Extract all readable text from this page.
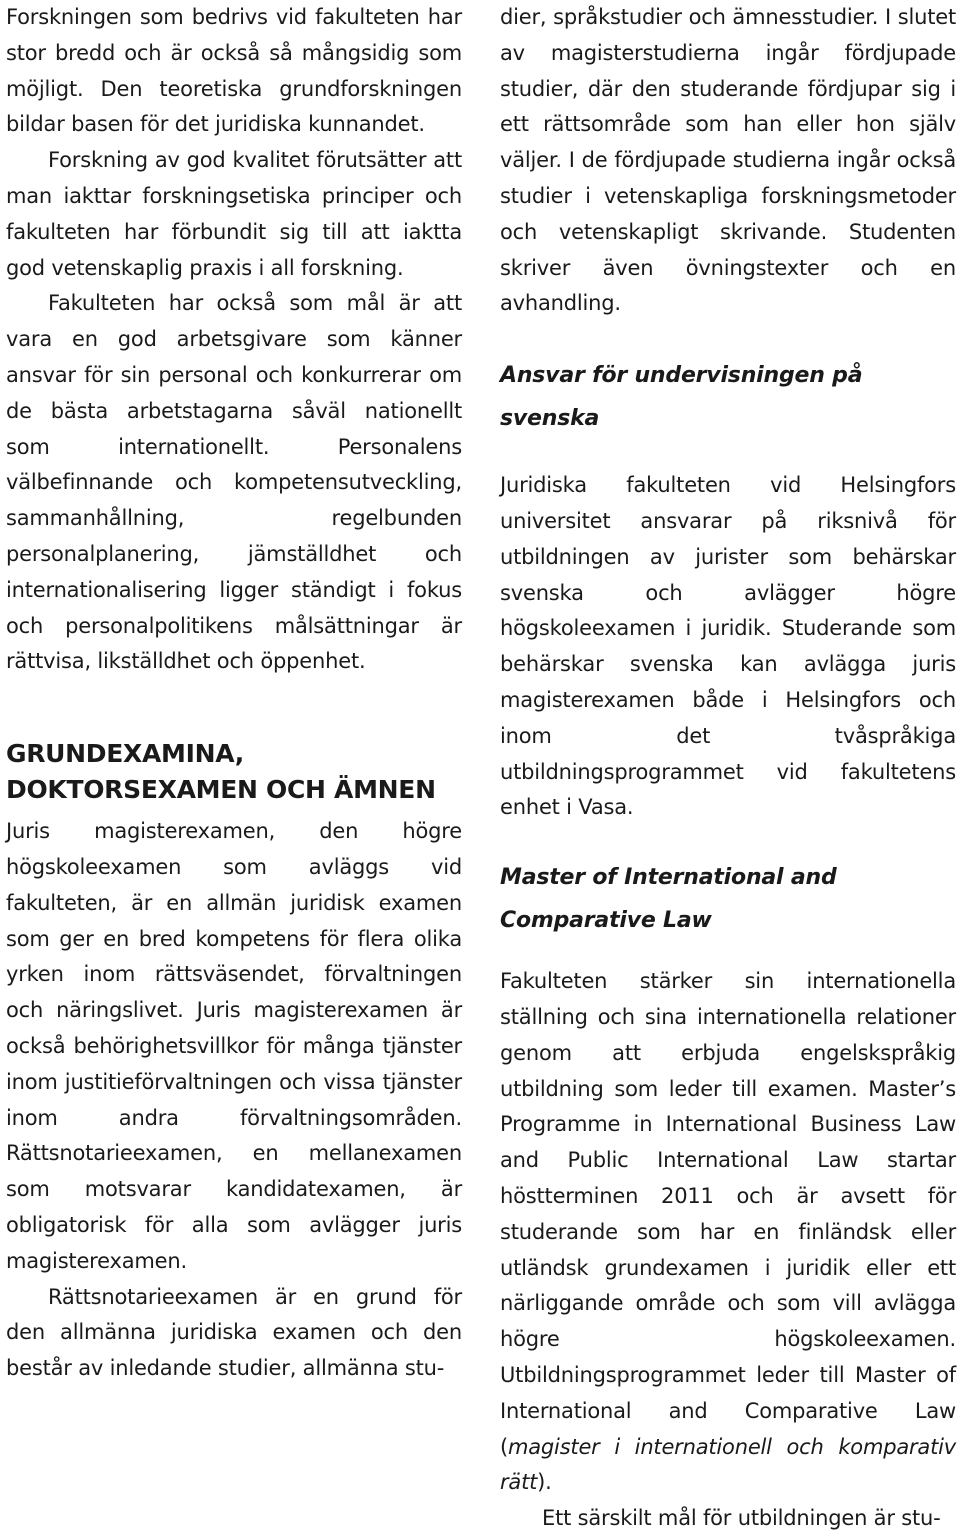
Forskningen som bedrivs vid fakulteten har stor bredd och är också så mångsidig som möjligt. Den teoretiska grundforskningen bildar basen för det juridiska kunnandet.

Forskning av god kvalitet förutsätter att man iakttar forskningsetiska principer och fakulteten har förbundit sig till att iaktta god vetenskaplig praxis i all forskning.

Fakulteten har också som mål är att vara en god arbetsgivare som känner ansvar för sin personal och konkurrerar om de bästa arbetstagarna såväl nationellt som internationellt. Personalens välbefinnande och kompetensutveckling, sammanhållning, regelbunden personalplanering, jämställdhet och internationalisering ligger ständigt i fokus och personalpolitikens målsättningar är rättvisa, likställdhet och öppenhet.

GRUNDEXAMINA, DOKTORSEXAMEN OCH ÄMNEN

Juris magisterexamen, den högre högskoleexamen som avläggs vid fakulteten, är en allmän juridisk examen som ger en bred kompetens för flera olika yrken inom rättsväsendet, förvaltningen och näringslivet. Juris magisterexamen är också behörighetsvillkor för många tjänster inom justitieförvaltningen och vissa tjänster inom andra förvaltningsområden. Rättsnotarieexamen, en mellanexamen som motsvarar kandidatexamen, är obligatorisk för alla som avlägger juris magisterexamen.

Rättsnotarieexamen är en grund för den allmänna juridiska examen och den består av inledande studier, allmänna stu-

dier, språkstudier och ämnesstudier. I slutet av magisterstudierna ingår fördjupade studier, där den studerande fördjupar sig i ett rättsområde som han eller hon själv väljer. I de fördjupade studierna ingår också studier i vetenskapliga forskningsmetoder och vetenskapligt skrivande. Studenten skriver även övningstexter och en avhandling.

Ansvar för undervisningen på svenska

Juridiska fakulteten vid Helsingfors universitet ansvarar på riksnivå för utbildningen av jurister som behärskar svenska och avlägger högre högskoleexamen i juridik. Studerande som behärskar svenska kan avlägga juris magisterexamen både i Helsingfors och inom det tvåspråkiga utbildningsprogrammet vid fakultetens enhet i Vasa.

Master of International and Comparative Law

Fakulteten stärker sin internationella ställning och sina internationella relationer genom att erbjuda engelskspråkig utbildning som leder till examen. Master’s Programme in International Business Law and Public International Law startar höstterminen 2011 och är avsett för studerande som har en finländsk eller utländsk grundexamen i juridik eller ett närliggande område och som vill avlägga högre högskoleexamen. Utbildningsprogrammet leder till Master of International and Comparative Law (magister i internationell och komparativ rätt).

Ett särskilt mål för utbildningen är stu-
